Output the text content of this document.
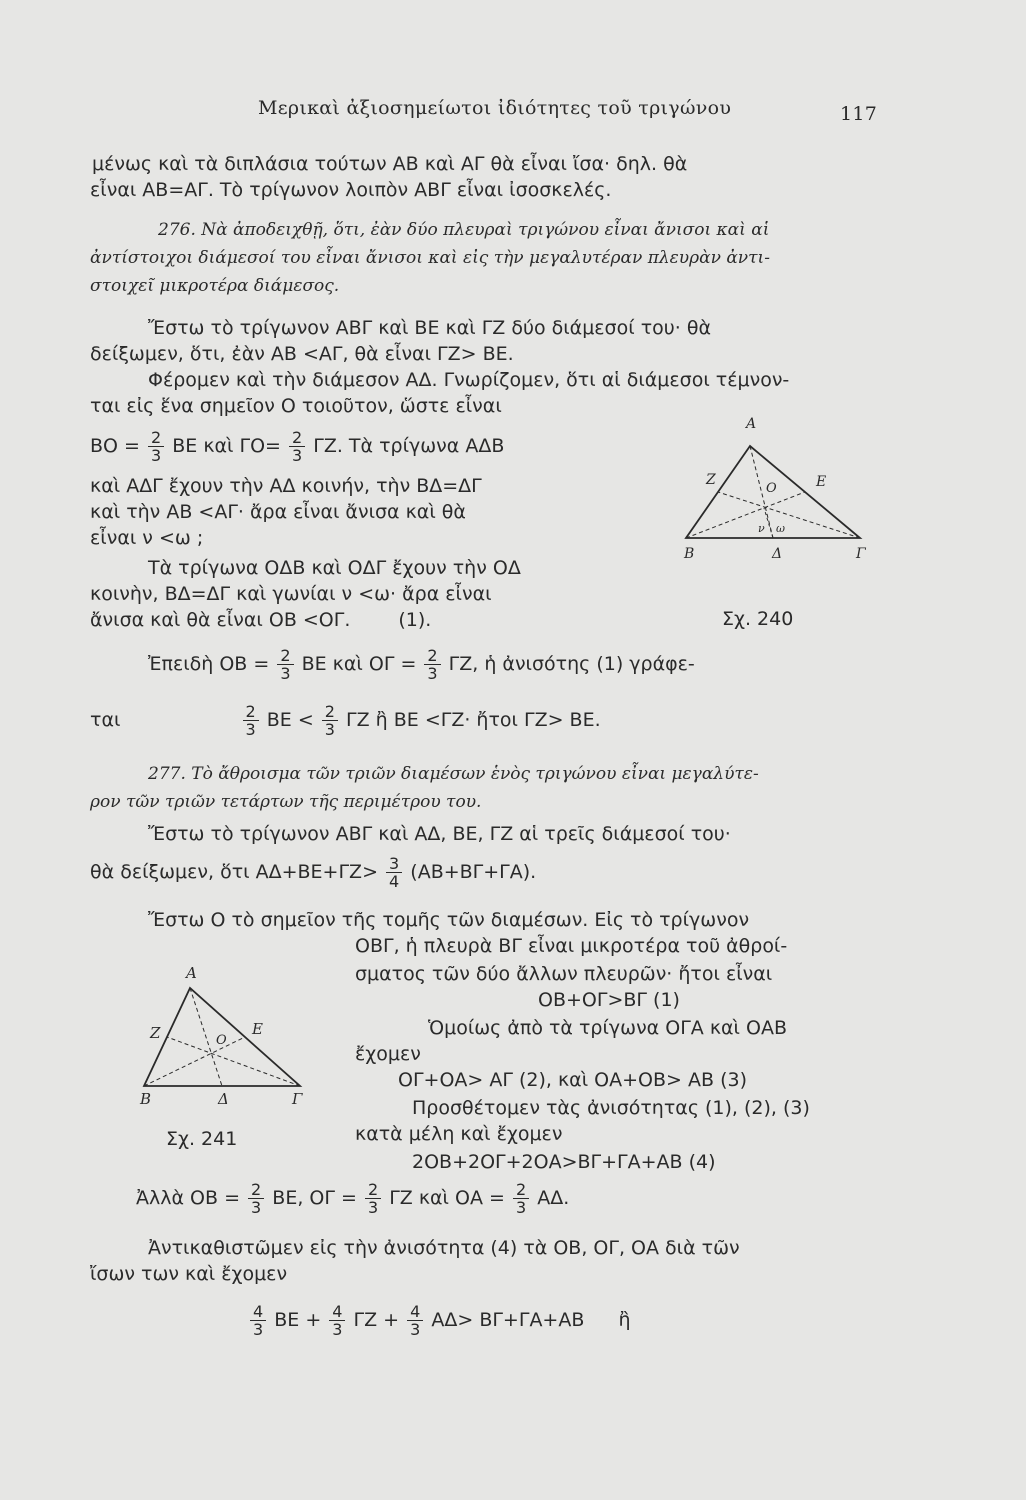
Μερικαὶ ἀξιοσημείωτοι ἰδιότητες τοῦ τριγώνου	117
μένως καὶ τὰ διπλάσια τούτων ΑΒ καὶ ΑΓ θὰ εἶναι ἴσα· δηλ. θὰ
εἶναι ΑΒ=ΑΓ. Τὸ τρίγωνον λοιπὸν ΑΒΓ εἶναι ἰσοσκελές.
276. Νὰ ἀποδειχθῇ, ὅτι, ἐὰν δύο πλευραὶ τριγώνου εἶναι ἄνισοι καὶ αἱ
ἀντίστοιχοι διάμεσοί του εἶναι ἄνισοι καὶ εἰς τὴν μεγαλυτέραν πλευρὰν ἀντι-
στοιχεῖ μικροτέρα διάμεσος.
Ἔστω τὸ τρίγωνον ΑΒΓ καὶ ΒΕ καὶ ΓΖ δύο διάμεσοί του· θὰ
δείξωμεν, ὅτι, ἐὰν ΑΒ <ΑΓ, θὰ εἶναι ΓΖ> ΒΕ.
Φέρομεν καὶ τὴν διάμεσον ΑΔ. Γνωρίζομεν, ὅτι αἱ διάμεσοι τέμνον-
ται εἰς ἕνα σημεῖον Ο τοιοῦτον, ὥστε εἶναι
$BO = \frac{2}{3}$ ΒΕ καὶ $\Gamma O= \frac{2}{3} \Gamma Z$. Τὰ τρίγωνα ΑΔΒ
καὶ ΑΔΓ ἔχουν τὴν ΑΔ κοινήν, τὴν ΒΔ=ΔΓ
καὶ τὴν ΑΒ <ΑΓ· ἄρα εἶναι ἄνισα καὶ θὰ
εἶναι ν <ω ;
Τὰ τρίγωνα ΟΔΒ καὶ ΟΔΓ ἔχουν τὴν ΟΔ
κοινὴν, ΒΔ=ΔΓ καὶ γωνίαι ν <ω· ἄρα εἶναι
ἄνισα καὶ θὰ εἶναι ΟΒ <ΟΓ.	(1).
Ἐπειδὴ $OB = \frac{2}{3}$ ΒΕ καὶ $O\Gamma = \frac{2}{3} \Gamma Z$, ἡ ἀνισότης (1) γράφε-
ται	$\frac{2}{3}$ $BE < \frac{2}{3}$ ΓΖ ἢ ΒΕ <ΓΖ· ἤτοι ΓΖ> ΒΕ.
Α
Ζ
Ο	Ε
Β	Δ	Γ
ν ω
Σχ. 240
277. Τὸ ἄθροισμα τῶν τριῶν διαμέσων ἑνὸς τριγώνου εἶναι μεγαλύτε-
ρον τῶν τριῶν τετάρτων τῆς περιμέτρου του.
Ἔστω τὸ τρίγωνον ΑΒΓ καὶ ΑΔ, ΒΕ, ΓΖ αἱ τρεῖς διάμεσοί του·
θὰ δείξωμεν, ὅτι $A\Delta+BE+\Gamma Z> \frac{3}{4} (AB+B\Gamma+\Gamma A)$.
Ἔστω Ο τὸ σημεῖον τῆς τομῆς τῶν διαμέσων. Εἰς τὸ τρίγωνον
ΟΒΓ, ἡ πλευρὰ ΒΓ εἶναι μικροτέρα τοῦ ἀθροί-
σματος τῶν δύο ἄλλων πλευρῶν· ἤτοι εἶναι
ΟΒ+ΟΓ>ΒΓ (1)
Ὁμοίως ἀπὸ τὰ τρίγωνα ΟΓΑ καὶ ΟΑΒ
ἔχομεν
ΟΓ+ΟΑ> ΑΓ (2), καὶ ΟΑ+ΟΒ> ΑΒ (3)
Προσθέτομεν τὰς ἀνισότητας (1), (2), (3)
κατὰ μέλη καὶ ἔχομεν
2ΟΒ+2ΟΓ+2ΟΑ>ΒΓ+ΓΑ+ΑΒ (4)
Ἀλλὰ $OB = \frac{2}{3} BE$, $O\Gamma = \frac{2}{3}$ ΓΖ καὶ $OA = \frac{2}{3} A\Delta$.
Ἀντικαθιστῶμεν εἰς τὴν ἀνισότητα (4) τὰ ΟΒ, ΟΓ, ΟΑ διὰ τῶν
ἴσων των καὶ ἔχομεν
$\frac{4}{3}$ $BE + \frac{4}{3}$ $\Gamma Z + \frac{4}{3} A\Delta> B\Gamma+\Gamma A+AB$ ἢ
Α
Ζ	Ο
Ε
Β	Δ	Γ
Σχ. 241
